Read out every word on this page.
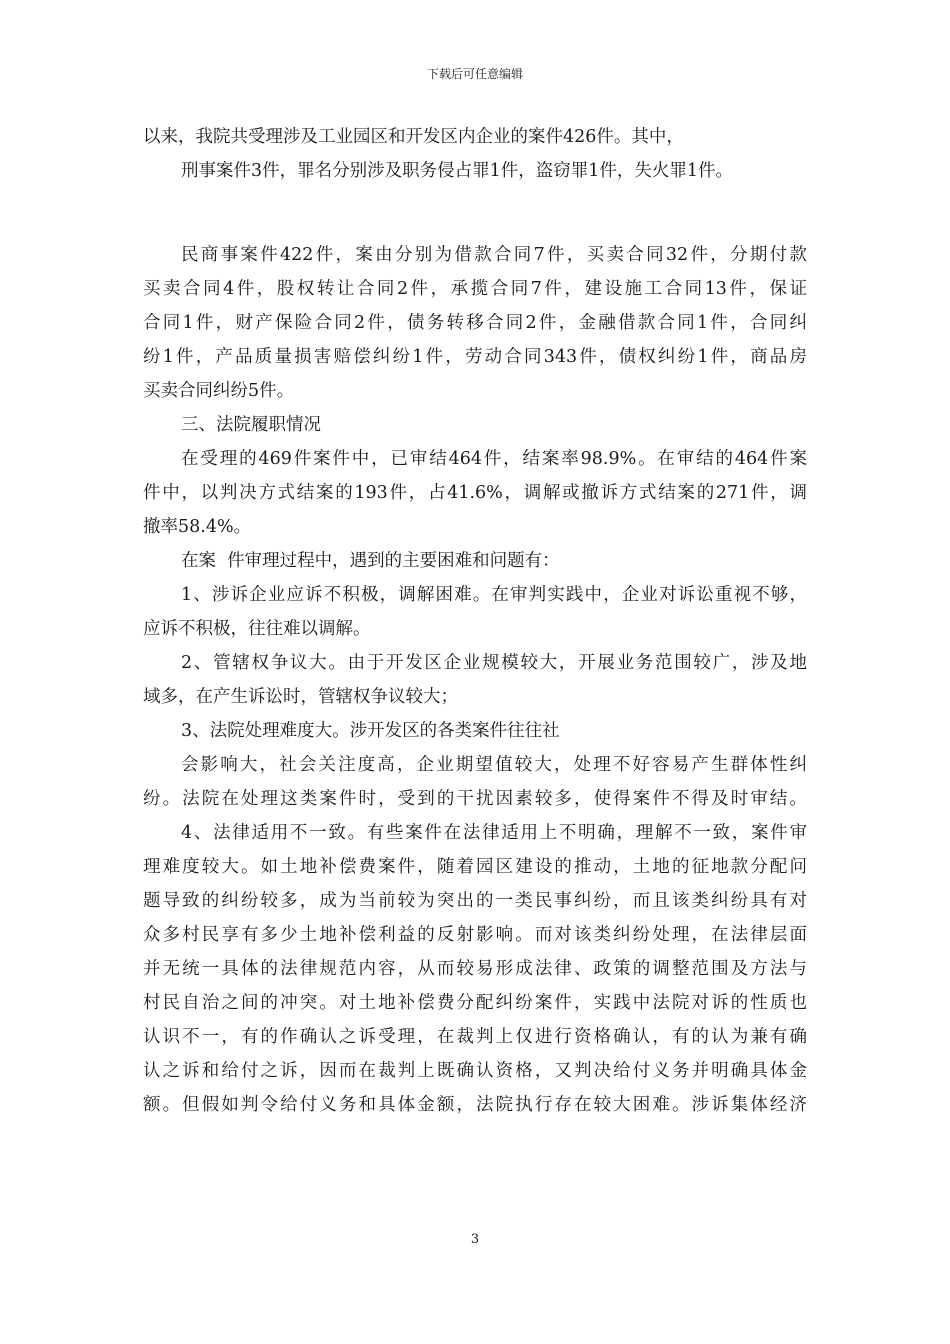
下载后可任意编辑
以来，我院共受理涉及工业园区和开发区内企业的案件426件。其中，
刑事案件3件，罪名分别涉及职务侵占罪1件，盗窃罪1件，失火罪1件。
民商事案件422件，案由分别为借款合同7件，买卖合同32件，分期付款
买卖合同4件，股权转让合同2件，承揽合同7件，建设施工合同13件，保证
合同1件，财产保险合同2件，债务转移合同2件，金融借款合同1件，合同纠
纷1件，产品质量损害赔偿纠纷1件，劳动合同343件，债权纠纷1件，商品房
买卖合同纠纷5件。
三、法院履职情况
在受理的469件案件中，已审结464件，结案率98.9%。在审结的464件案
件中，以判决方式结案的193件，占41.6%，调解或撤诉方式结案的271件，调
撤率58.4%。
在案  件审理过程中，遇到的主要困难和问题有：
1、涉诉企业应诉不积极，调解困难。在审判实践中，企业对诉讼重视不够，
应诉不积极，往往难以调解。
2、管辖权争议大。由于开发区企业规模较大，开展业务范围较广，涉及地
域多，在产生诉讼时，管辖权争议较大；
3、法院处理难度大。涉开发区的各类案件往往社
会影响大，社会关注度高，企业期望值较大，处理不好容易产生群体性纠
纷。法院在处理这类案件时，受到的干扰因素较多，使得案件不得及时审结。
4、法律适用不一致。有些案件在法律适用上不明确，理解不一致，案件审
理难度较大。如土地补偿费案件，随着园区建设的推动，土地的征地款分配问
题导致的纠纷较多，成为当前较为突出的一类民事纠纷，而且该类纠纷具有对
众多村民享有多少土地补偿利益的反射影响。而对该类纠纷处理，在法律层面
并无统一具体的法律规范内容，从而较易形成法律、政策的调整范围及方法与
村民自治之间的冲突。对土地补偿费分配纠纷案件，实践中法院对诉的性质也
认识不一，有的作确认之诉受理，在裁判上仅进行资格确认，有的认为兼有确
认之诉和给付之诉，因而在裁判上既确认资格，又判决给付义务并明确具体金
额。但假如判令给付义务和具体金额，法院执行存在较大困难。涉诉集体经济
3
